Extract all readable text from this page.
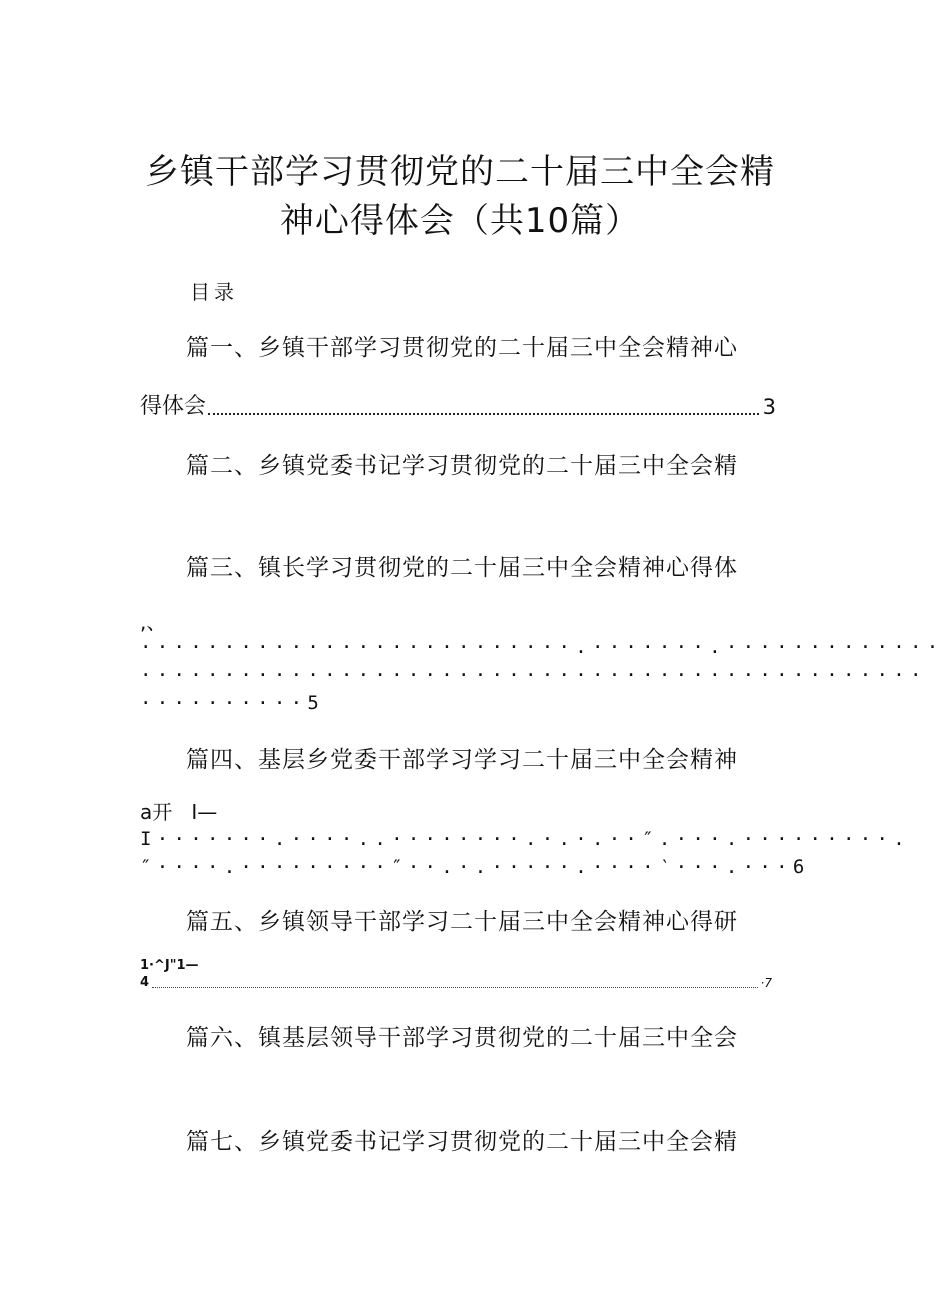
乡镇干部学习贯彻党的二十届三中全会精
神心得体会（共10篇）
目录
篇一、乡镇干部学习贯彻党的二十届三中全会精神心
得体会	3
篇二、乡镇党委书记学习贯彻党的二十届三中全会精
篇三、镇长学习贯彻党的二十届三中全会精神心得体
,、
··························.·······.·············
···············································
··········5
篇四、基层乡党委干部学习学习二十届三中全会精神
a开   I—
I·······.····..········.·.·.··″.···.·········.
″····.·········″··.·.·····.····‵···.···6
篇五、乡镇领导干部学习二十届三中全会精神心得研
1·^J"1—
4	·7
篇六、镇基层领导干部学习贯彻党的二十届三中全会
篇七、乡镇党委书记学习贯彻党的二十届三中全会精
